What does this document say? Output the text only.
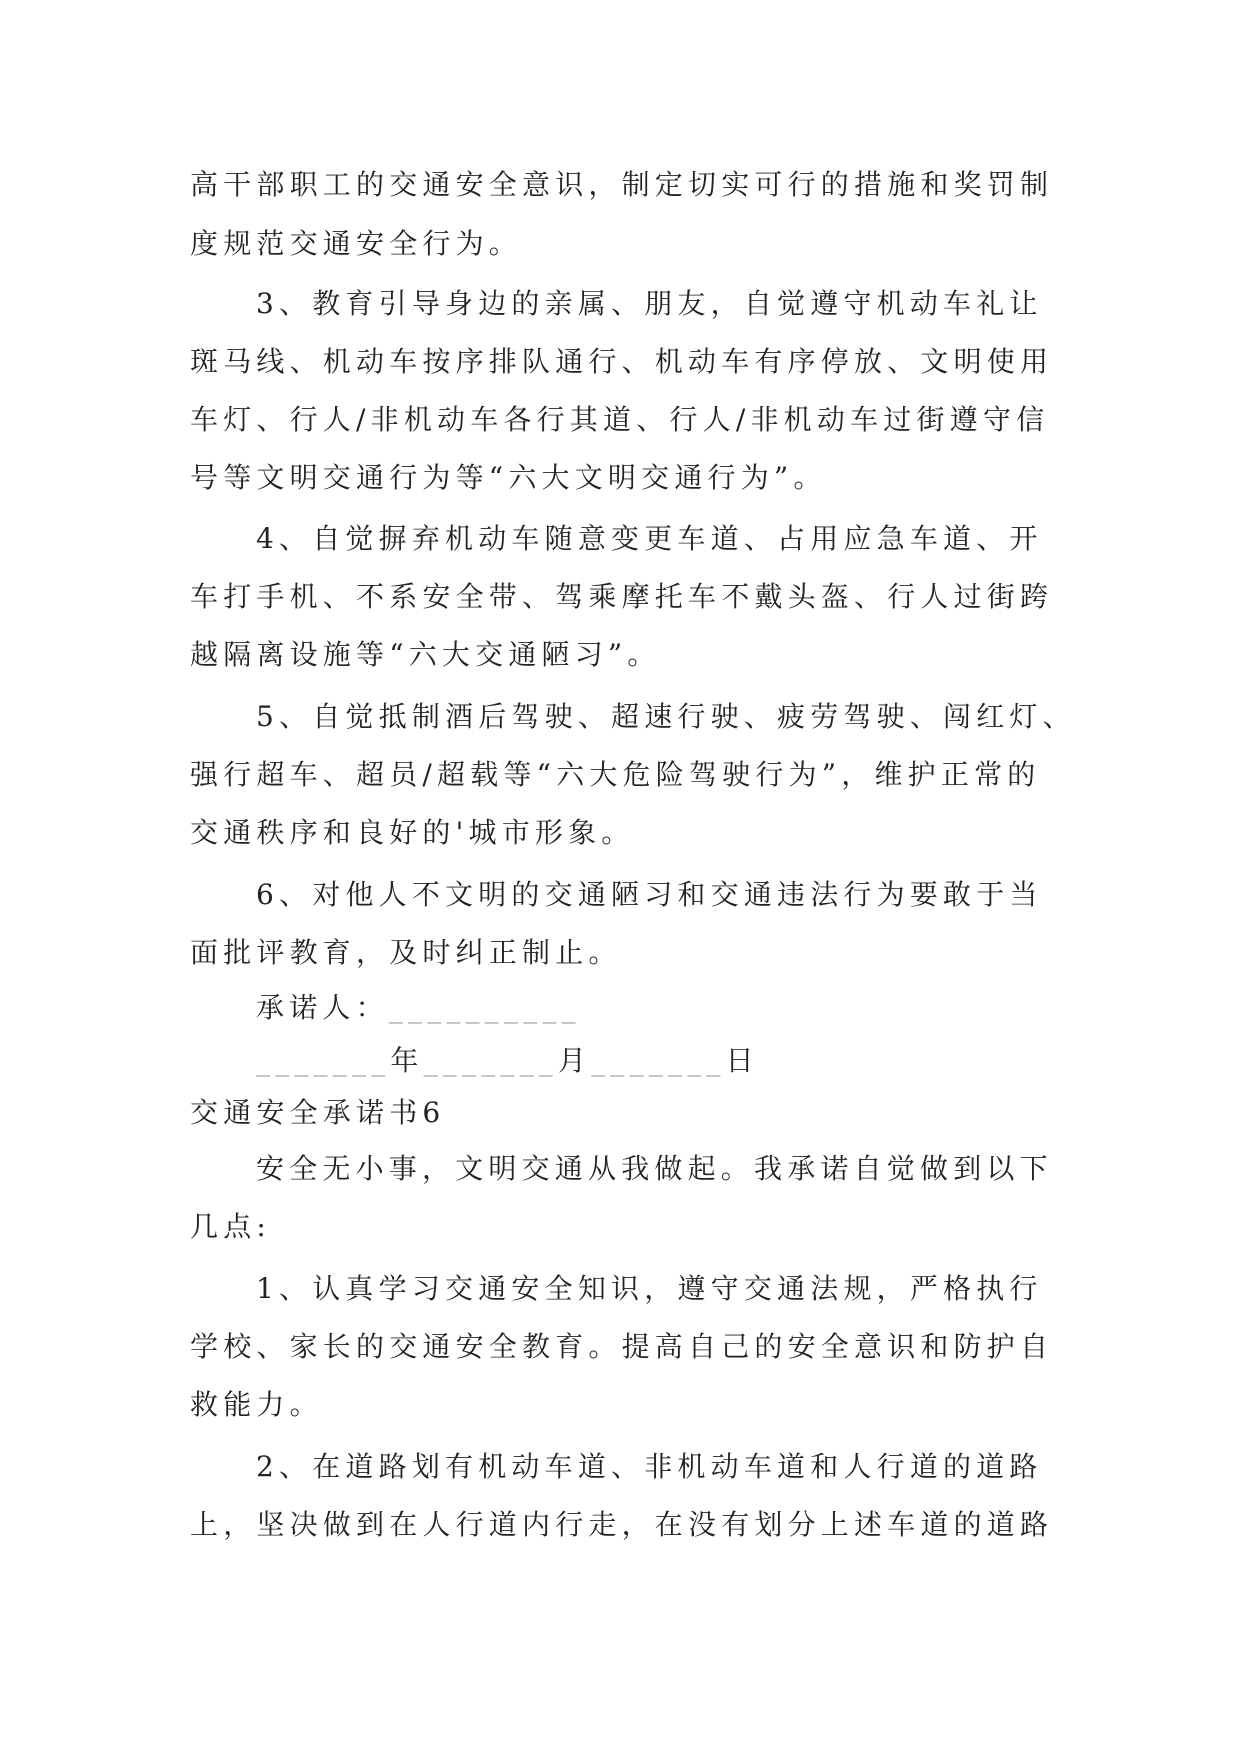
高干部职工的交通安全意识，制定切实可行的措施和奖罚制
度规范交通安全行为。
3、教育引导身边的亲属、朋友，自觉遵守机动车礼让
斑马线、机动车按序排队通行、机动车有序停放、文明使用
车灯、行人/非机动车各行其道、行人/非机动车过街遵守信
号等文明交通行为等“六大文明交通行为”。
4、自觉摒弃机动车随意变更车道、占用应急车道、开
车打手机、不系安全带、驾乘摩托车不戴头盔、行人过街跨
越隔离设施等“六大交通陋习”。
5、自觉抵制酒后驾驶、超速行驶、疲劳驾驶、闯红灯、
强行超车、超员/超载等“六大危险驾驶行为”，维护正常的
交通秩序和良好的'城市形象。
6、对他人不文明的交通陋习和交通违法行为要敢于当
面批评教育，及时纠正制止。
承诺人：__________
_______年_______月_______日
交通安全承诺书6
安全无小事，文明交通从我做起。我承诺自觉做到以下
几点:
1、认真学习交通安全知识，遵守交通法规，严格执行
学校、家长的交通安全教育。提高自己的安全意识和防护自
救能力。
2、在道路划有机动车道、非机动车道和人行道的道路
上，坚决做到在人行道内行走，在没有划分上述车道的道路
